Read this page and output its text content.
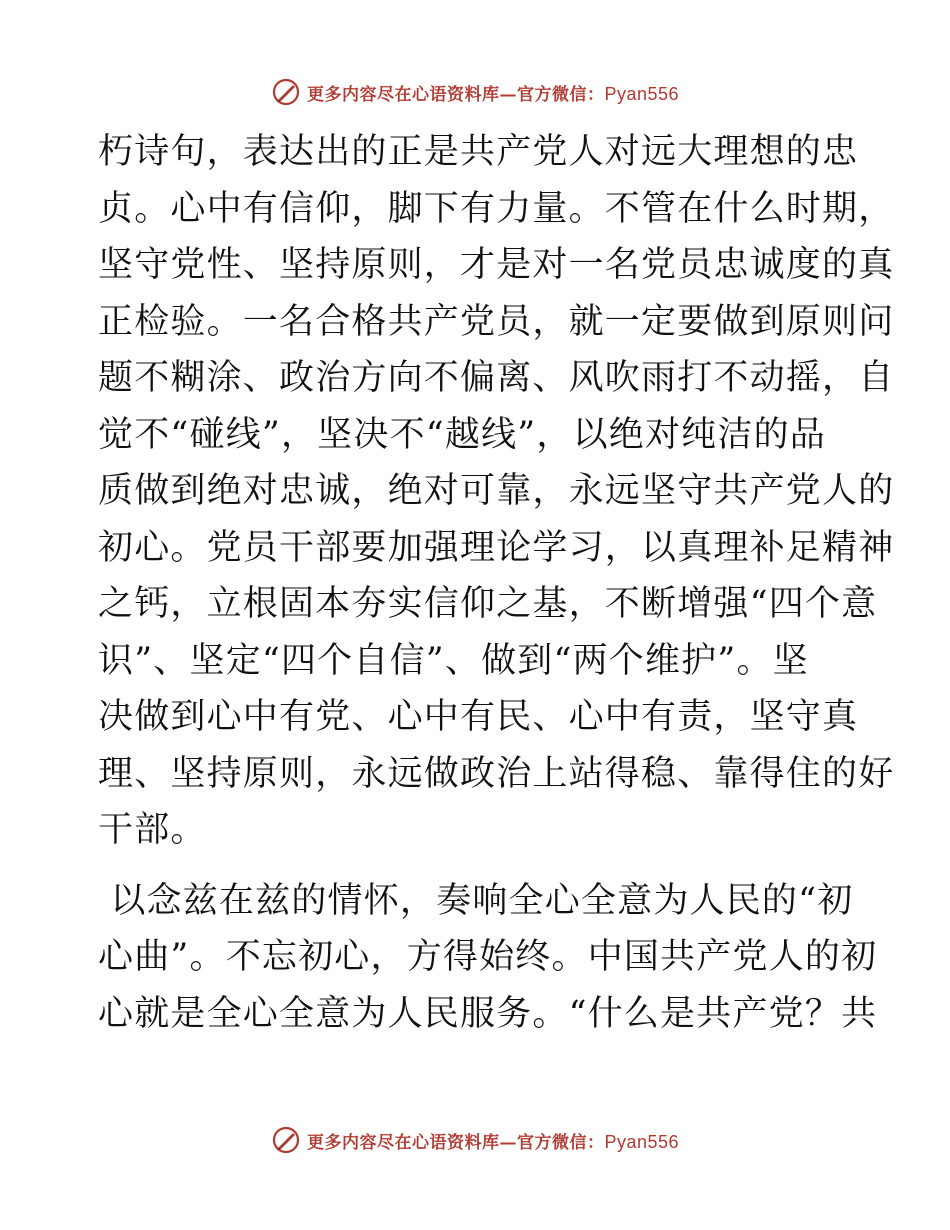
更多内容尽在心语资料库—官方微信：Pyan556

朽诗句，表达出的正是共产党人对远大理想的忠
贞。心中有信仰，脚下有力量。不管在什么时期，
坚守党性、坚持原则，才是对一名党员忠诚度的真
正检验。一名合格共产党员，就一定要做到原则问
题不糊涂、政治方向不偏离、风吹雨打不动摇，自
觉不“碰线”，坚决不“越线”，以绝对纯洁的品
质做到绝对忠诚，绝对可靠，永远坚守共产党人的
初心。党员干部要加强理论学习，以真理补足精神
之钙，立根固本夯实信仰之基，不断增强“四个意
识”、坚定“四个自信”、做到“两个维护”。坚
决做到心中有党、心中有民、心中有责，坚守真
理、坚持原则，永远做政治上站得稳、靠得住的好
干部。

以念兹在兹的情怀，奏响全心全意为人民的“初
心曲”。不忘初心，方得始终。中国共产党人的初
心就是全心全意为人民服务。“什么是共产党？共

更多内容尽在心语资料库—官方微信：Pyan556
